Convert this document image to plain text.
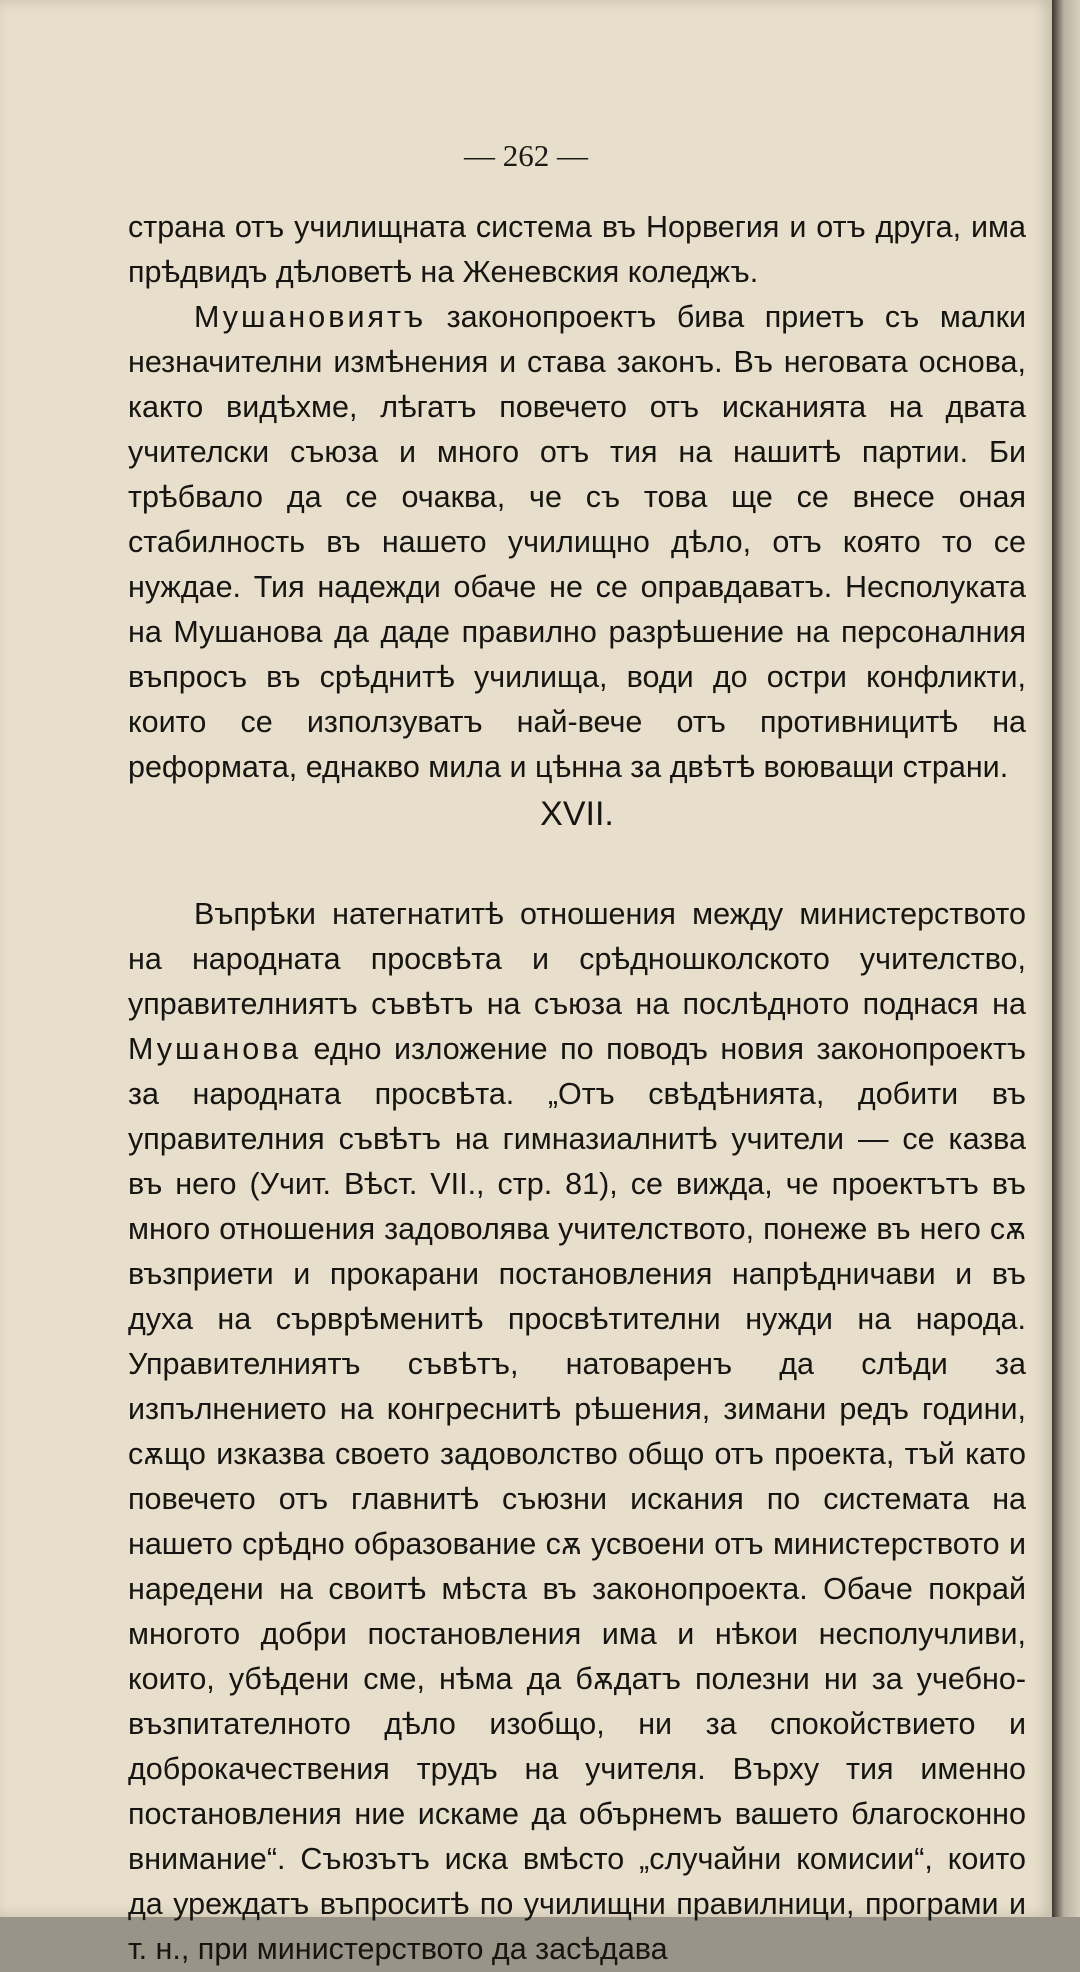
— 262 —

страна отъ училищната система въ Норвегия и отъ друга, има прѣдвидъ дѣловетѣ на Женевския коледжъ.

Мушановиятъ законопроектъ бива приетъ съ малки незначителни измѣнения и става законъ. Въ неговата основа, както видѣхме, лѣгатъ повечето отъ исканията на двата учителски съюза и много отъ тия на нашитѣ партии. Би трѣбвало да се очаква, че съ това ще се внесе оная стабилность въ нашето училищно дѣло, отъ която то се нуждае. Тия надежди обаче не се оправдаватъ. Несполуката на Мушанова да даде правилно разрѣшение на персоналния въпросъ въ срѣднитѣ училища, води до остри конфликти, които се използуватъ най-вече отъ противницитѣ на реформата, еднакво мила и цѣнна за двѣтѣ воюващи страни.

XVII.

Въпрѣки натегнатитѣ отношения между министерството на народната просвѣта и срѣдношколското учителство, управителниятъ съвѣтъ на съюза на послѣдното поднася на Мушанова едно изложение по поводъ новия законопроектъ за народната просвѣта. „Отъ свѣдѣнията, добити въ управителния съвѣтъ на гимназиалнитѣ учители — се казва въ него (Учит. Вѣст. VII., стр. 81), се вижда, че проектътъ въ много отношения задоволява учителството, понеже въ него сѫ възприети и прокарани постановления напрѣдничави и въ духа на сърврѣменитѣ просвѣтителни нужди на народа. Управителниятъ съвѣтъ, натоваренъ да слѣди за изпълнението на конгреснитѣ рѣшения, зимани редъ години, сѫщо изказва своето задоволство общо отъ проекта, тъй като повечето отъ главнитѣ съюзни искания по системата на нашето срѣдно образование сѫ усвоени отъ министерството и наредени на своитѣ мѣста въ законопроекта. Обаче покрай многото добри постановления има и нѣкои несполучливи, които, убѣдени сме, нѣма да бѫдатъ полезни ни за учебно-възпитателното дѣло изобщо, ни за спокойствието и доброкачествения трудъ на учителя. Върху тия именно постановления ние искаме да обърнемъ вашето благосконно внимание“. Съюзътъ иска вмѣсто „случайни комисии“, които да уреждатъ въпроситѣ по училищни правилници, програми и т. н., при министерството да засѣдава
